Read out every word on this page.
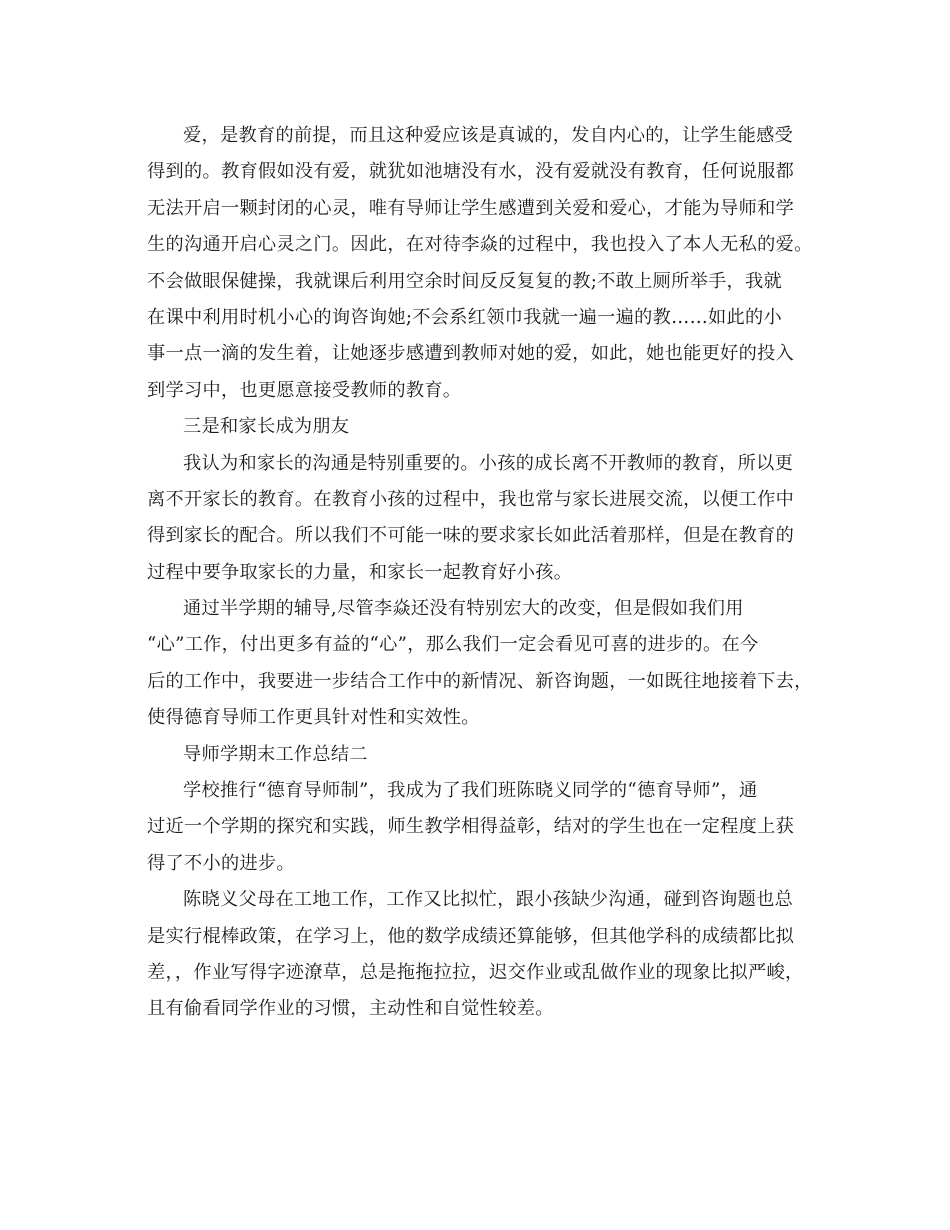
爱，是教育的前提，而且这种爱应该是真诚的，发自内心的，让学生能感受
得到的。教育假如没有爱，就犹如池塘没有水，没有爱就没有教育，任何说服都
无法开启一颗封闭的心灵，唯有导师让学生感遭到关爱和爱心，才能为导师和学
生的沟通开启心灵之门。因此，在对待李焱的过程中，我也投入了本人无私的爱。
不会做眼保健操，我就课后利用空余时间反反复复的教;不敢上厕所举手，我就
在课中利用时机小心的询咨询她;不会系红领巾我就一遍一遍的教……如此的小
事一点一滴的发生着，让她逐步感遭到教师对她的爱，如此，她也能更好的投入
到学习中，也更愿意接受教师的教育。
三是和家长成为朋友
我认为和家长的沟通是特别重要的。小孩的成长离不开教师的教育，所以更
离不开家长的教育。在教育小孩的过程中，我也常与家长进展交流，以便工作中
得到家长的配合。所以我们不可能一味的要求家长如此活着那样，但是在教育的
过程中要争取家长的力量，和家长一起教育好小孩。
通过半学期的辅导,尽管李焱还没有特别宏大的改变，但是假如我们用
“心”工作，付出更多有益的“心”，那么我们一定会看见可喜的进步的。在今
后的工作中，我要进一步结合工作中的新情况、新咨询题，一如既往地接着下去，
使得德育导师工作更具针对性和实效性。
导师学期末工作总结二
学校推行“德育导师制”，我成为了我们班陈晓义同学的“德育导师”，通
过近一个学期的探究和实践，师生教学相得益彰，结对的学生也在一定程度上获
得了不小的进步。
陈晓义父母在工地工作，工作又比拟忙，跟小孩缺少沟通，碰到咨询题也总
是实行棍棒政策，在学习上，他的数学成绩还算能够，但其他学科的成绩都比拟
差，，作业写得字迹潦草，总是拖拖拉拉，迟交作业或乱做作业的现象比拟严峻，
且有偷看同学作业的习惯，主动性和自觉性较差。
